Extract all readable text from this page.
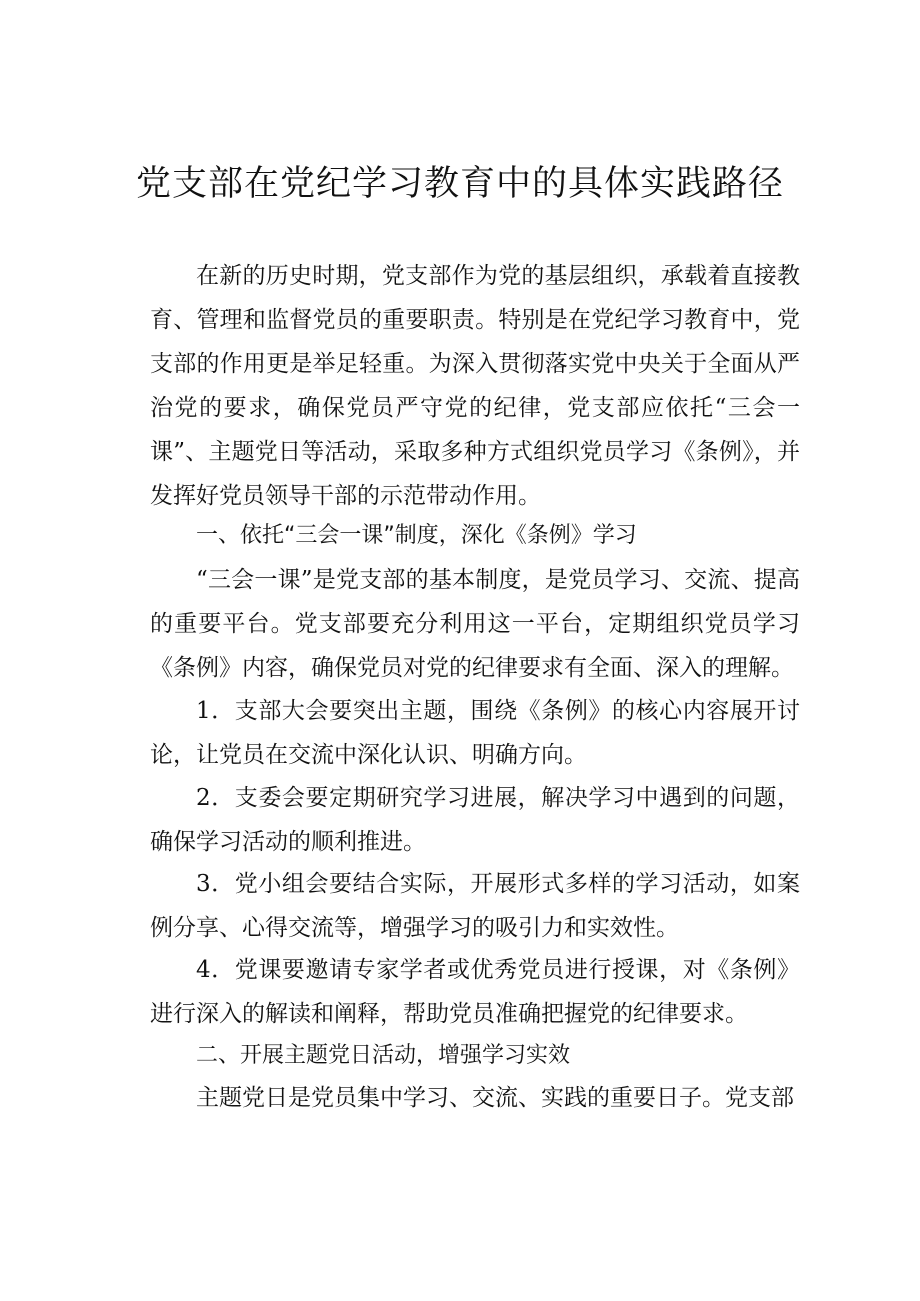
党支部在党纪学习教育中的具体实践路径

在新的历史时期，党支部作为党的基层组织，承载着直接教育、管理和监督党员的重要职责。特别是在党纪学习教育中，党支部的作用更是举足轻重。为深入贯彻落实党中央关于全面从严治党的要求，确保党员严守党的纪律，党支部应依托“三会一课”、主题党日等活动，采取多种方式组织党员学习《条例》，并发挥好党员领导干部的示范带动作用。

一、依托“三会一课”制度，深化《条例》学习

“三会一课”是党支部的基本制度，是党员学习、交流、提高的重要平台。党支部要充分利用这一平台，定期组织党员学习《条例》内容，确保党员对党的纪律要求有全面、深入的理解。

1．支部大会要突出主题，围绕《条例》的核心内容展开讨论，让党员在交流中深化认识、明确方向。

2．支委会要定期研究学习进展，解决学习中遇到的问题，确保学习活动的顺利推进。

3．党小组会要结合实际，开展形式多样的学习活动，如案例分享、心得交流等，增强学习的吸引力和实效性。

4．党课要邀请专家学者或优秀党员进行授课，对《条例》进行深入的解读和阐释，帮助党员准确把握党的纪律要求。

二、开展主题党日活动，增强学习实效

主题党日是党员集中学习、交流、实践的重要日子。党支部
